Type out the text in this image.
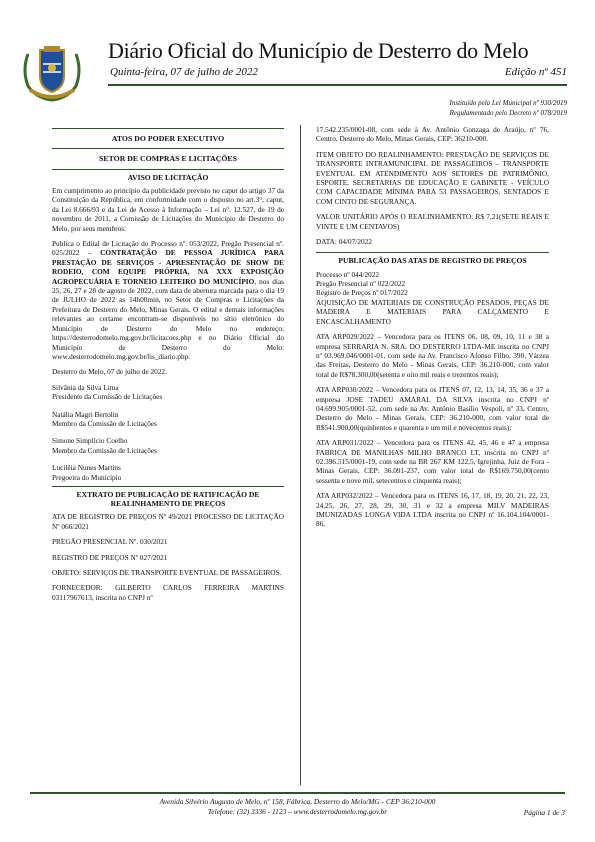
Diário Oficial do Município de Desterro do Melo
Quinta-feira, 07 de julho de 2022	Edição nº 451
Instituído pela Lei Municipal nº 930/2019
Regulamentado pelo Decreto nº 078/2019
ATOS DO PODER EXECUTIVO
SETOR DE COMPRAS E LICITAÇÕES
AVISO DE LICITAÇÃO

Em cumprimento ao princípio da publicidade previsto no caput do artigo 37 da Constituição da República, em conformidade com o disposto no art.3°, caput, da Lei 8.666/93 e da Lei de Acesso à Informação – Lei n°. 12.527, de 19 de novembro de 2011, a Comissão de Licitações do Município de Desterro do Melo, por seus membros:

Publica o Edital de Licitação do Processo nº. 053/2022, Pregão Presencial nº. 025/2022 – CONTRATAÇÃO DE PESSOA JURÍDICA PARA PRESTAÇÃO DE SERVIÇOS - APRESENTAÇÃO DE SHOW DE RODEIO, COM EQUIPE PRÓPRIA, NA XXX EXPOSIÇÃO AGROPECUÁRIA E TORNEIO LEITEIRO DO MUNICÍPIO, nos dias 25, 26, 27 e 28 de agosto de 2022, com data de abertura marcada para o dia 19 de JULHO de 2022 as 14h00min, no Setor de Compras e Licitações da Prefeitura de Desterro do Melo, Minas Gerais. O edital e demais informações relevantes ao certame encontram-se disponíveis no sítio eletrônico do Município de Desterro do Melo no endereço: https://desterrodomelo.mg.gov.br/licitacoes.php e no Diário Oficial do Município de Desterro do Melo: www.desterrodomelo.mg.gov.br/lis_diario.php.

Desterro do Melo, 07 de julho de 2022.

Silvânia da Silva Lima
Presidente da Comissão de Licitações
Natália Magri Bertolin
Membro da Comissão de Licitações
Simone Simplício Coelho
Membro da Comissão de Licitações
Lucilêia Nunes Martins
Pregoeira do Município
EXTRATO DE PUBLICAÇÃO DE RATIFICAÇÃO DE REALINHAMENTO DE PREÇOS

ATA DE REGISTRO DE PREÇOS Nº 49/2021 PROCESSO DE LICITAÇÃO Nº 066/2021

PREGÃO PRESENCIAL Nº. 030/2021

REGISTRO DE PREÇOS Nº 027/2021

OBJETO: SERVIÇOS DE TRANSPORTE EVENTUAL DE PASSAGEIROS.

FORNECEDOR: GILBERTO CARLOS FERREIRA MARTINS 03117967613, inscrita no CNPJ nº

17.542.235/0001-08, com sede à Av. Antônio Gonzaga de Araújo, nº 76, Centro, Desterro do Melo, Minas Gerais, CEP: 36210-000.

ITEM OBJETO DO REALINHAMENTO: PRESTAÇÃO DE SERVIÇOS DE TRANSPORTE INTRAMUNICIPAL DE PASSAGEIROS – TRANSPORTE EVENTUAL EM ATENDIMENTO AOS SETORES DE PATRIMÔNIO, ESPORTE, SECRETARIAS DE EDUCAÇÃO E GABINETE - VEÍCULO COM CAPACIDADE MÍNIMA PARA 53 PASSAGEIROS, SENTADOS E COM CINTO DE SEGURANÇA.

VALOR UNITÁRIO APÓS O REALINHAMENTO: R$ 7,21(SETE REAIS E VINTE E UM CENTAVOS)

DATA: 04/07/2022

PUBLICAÇÃO DAS ATAS DE REGISTRO DE PREÇOS
Processo nº 044/2022
Pregão Presencial nº 022/2022
Registro de Preços nº 017/2022

AQUISIÇÃO DE MATERIAIS DE CONSTRUÇÃO PESADOS, PEÇAS DE MADEIRA E MATERIAIS PARA CALÇAMENTO E ENCASCALHAMENTO

ATA ARP029/2022 – Vencedora para os ITENS 06, 08, 09, 10, 11 e 38 a empresa SERRARIA N. SRA. DO DESTERRO LTDA-ME inscrita no CNPJ nº 03.969.046/0001-01, com sede na Av. Francisco Afonso Filho, 390, Várzea das Freitas, Desterro do Melo - Minas Gerais, CEP: 36.210-000, com valor total de R$78.300,00(setenta e oito mil reais e trezentos reais);

ATA ARP030/2022 – Vencedora para os ITENS 07, 12, 13, 14, 35, 36 e 37 a empresa JOSE TADEU AMARAL DA SILVA inscrita no CNPJ nº 04.699.905/0001-52, com sede na Av. Antônio Basílio Vespoli, nº 33, Centro, Desterro do Melo - Minas Gerais, CEP: 36.210-000, com valor total de R$541.900,00(quinhentos e quarenta e um mil e novecentos reais);

ATA ARP031/2022 – Vencedora para os ITENS 42, 45, 46 e 47 a empresa FABRICA DE MANILHAS MILHO BRANCO LT, inscrita no CNPJ nº 02.396.515/0001-19, com sede na BR 267 KM 122,5, Igrejinha, Juiz de Fora - Minas Gerais, CEP: 36.091-237, com valor total de R$169.750,00(cento sessenta e nove mil, setecentos e cinquenta reais);

ATA ARP032/2022 – Vencedora para os ITENS 16, 17, 18, 19, 20, 21, 22, 23, 24,25, 26, 27, 28, 29, 30, 31 e 32 a empresa MILV MADEIRAS IMUNIZADAS LONGA VIDA LTDA inscrita no CNPJ nº 16.104.104/0001-86,

Avenida Silvério Augusto de Melo, nº 158, Fábrica, Desterro do Melo/MG - CEP 36.210-000
Telefone: (32) 3336 - 1123 – www.desterrodomelo.mg.gov.br	Página 1 de 3
